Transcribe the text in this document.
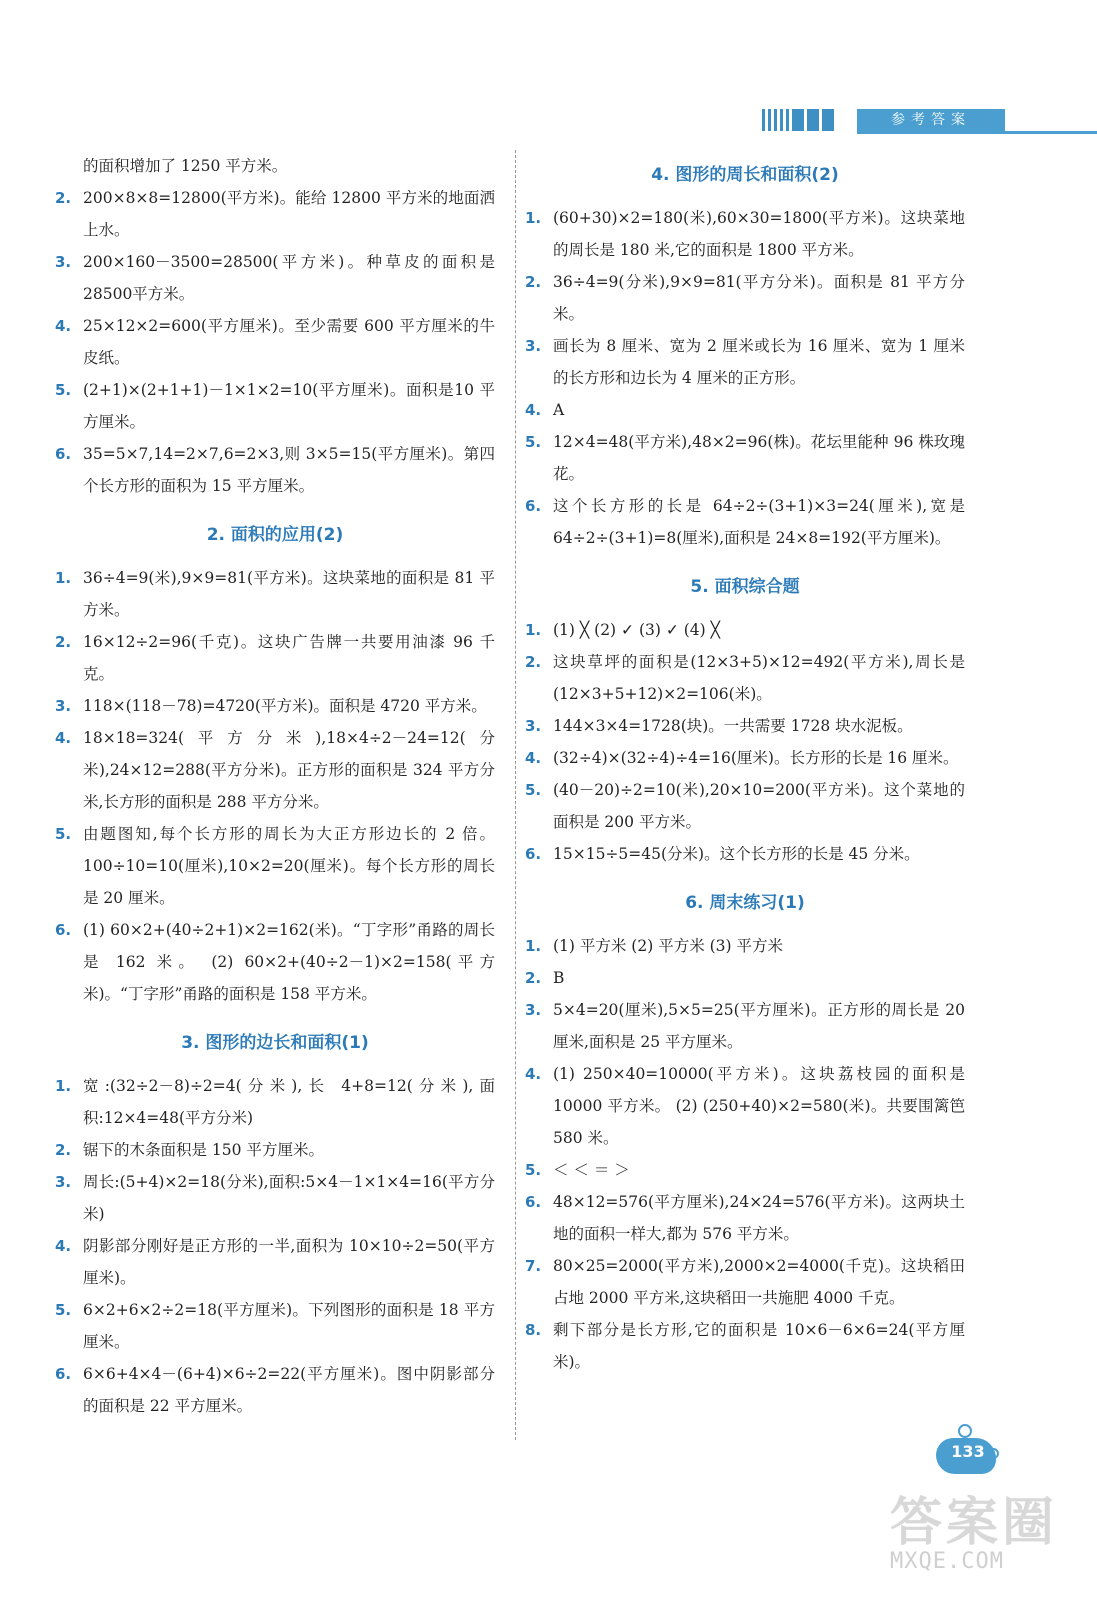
参考答案
的面积增加了 1250 平方米。
2. 200×8×8=12800(平方米)。能给 12800 平方米的地面洒上水。
3. 200×160－3500=28500(平方米)。种草皮的面积是28500平方米。
4. 25×12×2=600(平方厘米)。至少需要 600 平方厘米的牛皮纸。
5. (2+1)×(2+1+1)－1×1×2=10(平方厘米)。面积是10 平方厘米。
6. 35=5×7,14=2×7,6=2×3,则 3×5=15(平方厘米)。第四个长方形的面积为 15 平方厘米。
2. 面积的应用(2)
1. 36÷4=9(米),9×9=81(平方米)。这块菜地的面积是 81 平方米。
2. 16×12÷2=96(千克)。这块广告牌一共要用油漆 96 千克。
3. 118×(118－78)=4720(平方米)。面积是 4720 平方米。
4. 18×18=324(平方分米),18×4÷2－24=12(分米),24×12=288(平方分米)。正方形的面积是 324 平方分米,长方形的面积是 288 平方分米。
5. 由题图知,每个长方形的周长为大正方形边长的 2 倍。100÷10=10(厘米),10×2=20(厘米)。每个长方形的周长是 20 厘米。
6. (1) 60×2+(40÷2+1)×2=162(米)。“丁字形”甬路的周长是 162 米。 (2) 60×2+(40÷2－1)×2=158(平方米)。“丁字形”甬路的面积是 158 平方米。
3. 图形的边长和面积(1)
1. 宽:(32÷2－8)÷2=4(分米),长 4+8=12(分米),面积:12×4=48(平方分米)
2. 锯下的木条面积是 150 平方厘米。
3. 周长:(5+4)×2=18(分米),面积:5×4－1×1×4=16(平方分米)
4. 阴影部分刚好是正方形的一半,面积为 10×10÷2=50(平方厘米)。
5. 6×2+6×2÷2=18(平方厘米)。下列图形的面积是 18 平方厘米。
6. 6×6+4×4－(6+4)×6÷2=22(平方厘米)。图中阴影部分的面积是 22 平方厘米。
4. 图形的周长和面积(2)
1. (60+30)×2=180(米),60×30=1800(平方米)。这块菜地的周长是 180 米,它的面积是 1800 平方米。
2. 36÷4=9(分米),9×9=81(平方分米)。面积是 81 平方分米。
3. 画长为 8 厘米、宽为 2 厘米或长为 16 厘米、宽为 1 厘米的长方形和边长为 4 厘米的正方形。
4. A
5. 12×4=48(平方米),48×2=96(株)。花坛里能种 96 株玫瑰花。
6. 这个长方形的长是 64÷2÷(3+1)×3=24(厘米),宽是 64÷2÷(3+1)=8(厘米),面积是 24×8=192(平方厘米)。
5. 面积综合题
1. (1) ╳ (2) ✓ (3) ✓ (4) ╳
2. 这块草坪的面积是(12×3+5)×12=492(平方米),周长是(12×3+5+12)×2=106(米)。
3. 144×3×4=1728(块)。一共需要 1728 块水泥板。
4. (32÷4)×(32÷4)÷4=16(厘米)。长方形的长是 16 厘米。
5. (40－20)÷2=10(米),20×10=200(平方米)。这个菜地的面积是 200 平方米。
6. 15×15÷5=45(分米)。这个长方形的长是 45 分米。
6. 周末练习(1)
1. (1) 平方米 (2) 平方米 (3) 平方米
2. B
3. 5×4=20(厘米),5×5=25(平方厘米)。正方形的周长是 20 厘米,面积是 25 平方厘米。
4. (1) 250×40=10000(平方米)。这块荔枝园的面积是 10000 平方米。 (2) (250+40)×2=580(米)。共要围篱笆 580 米。
5. ＜ ＜ ＝ ＞
6. 48×12=576(平方厘米),24×24=576(平方米)。这两块土地的面积一样大,都为 576 平方米。
7. 80×25=2000(平方米),2000×2=4000(千克)。这块稻田占地 2000 平方米,这块稻田一共施肥 4000 千克。
8. 剩下部分是长方形,它的面积是 10×6－6×6=24(平方厘米)。
133
答案圈
MXQE.COM
